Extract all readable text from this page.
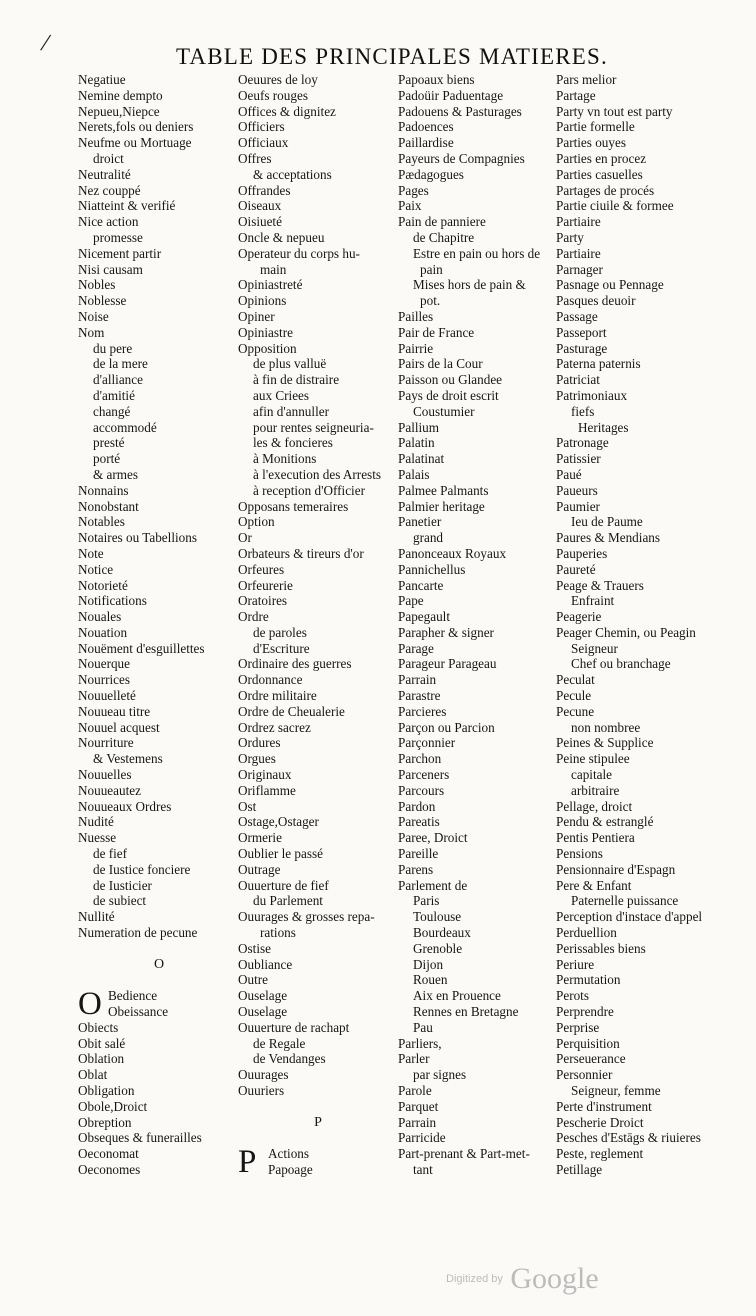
/	TABLE DES PRINCIPALES MATIERES.
Negatiue
Nemine dempto
Nepueu,Niepce
Nerets,fols ou deniers
Neufme ou Mortuage
droict
Neutralité
Nez couppé
Niatteint & verifié
Nice action
promesse
Nicement partir
Nisi causam
Nobles
Noblesse
Noise
Nom
du pere
de la mere
d'alliance
d'amitié
changé
accommodé
presté
porté
& armes
Nonnains
Nonobstant
Notables
Notaires ou Tabellions
Note
Notice
Notorieté
Notifications
Nouales
Nouation
Nouëment d'esguillettes
Nouerque
Nourrices
Nouuelleté
Nouueau titre
Nouuel acquest
Nourriture
& Vestemens
Nouuelles
Nouueautez
Nouueaux Ordres
Nudité
Nuesse
de fief
de Iustice fonciere
de Iusticier
de subiect
Nullité
Numeration de pecune
O
O Bedience
Obeissance
Obiects
Obit salé
Oblation
Oblat
Obligation
Obole,Droict
Obreption
Obseques & funerailles
Oeconomat
Oeconomes
Oeuures de loy
Oeufs rouges
Offices & dignitez
Officiers
Officiaux
Offres
& acceptations
Offrandes
Oiseaux
Oisiueté
Oncle & nepueu
Operateur du corps hu-
main
Opiniastreté
Opinions
Opiner
Opiniastre
Opposition
de plus valluë
à fin de distraire
aux Criees
afin d'annuller
pour rentes seigneuria-
les & foncieres
à Monitions
à l'execution des Arrests
à reception d'Officier
Opposans temeraires
Option
Or
Orbateurs & tireurs d'or
Orfeures
Orfeurerie
Oratoires
Ordre
de paroles
d'Escriture
Ordinaire des guerres
Ordonnance
Ordre militaire
Ordre de Cheualerie
Ordrez sacrez
Ordures
Orgues
Originaux
Oriflamme
Ost
Ostage,Ostager
Ormerie
Oublier le passé
Outrage
Ouuerture de fief
du Parlement
Ouurages & grosses repa-
rations
Ostise
Oubliance
Outre
Ouselage
Ouselage
Ouuerture de rachapt
de Regale
de Vendanges
Ouurages
Ouuriers
P
P Actions
Papoage
Papoaux biens
Padoüir Paduentage
Padouens & Pasturages
Padoences
Paillardise
Payeurs de Compagnies
Pædagogues
Pages
Paix
Pain de panniere
de Chapitre
Estre en pain ou hors de
pain
Mises hors de pain &
pot.
Pailles
Pair de France
Pairrie
Pairs de la Cour
Paisson ou Glandee
Pays de droit escrit
Coustumier
Pallium
Palatin
Palatinat
Palais
Palmee Palmants
Palmier heritage
Panetier
grand
Panonceaux Royaux
Pannichellus
Pancarte
Pape
Papegault
Parapher & signer
Parage
Parageur Parageau
Parrain
Parastre
Parcieres
Parçon ou Parcion
Parçonnier
Parchon
Parceners
Parcours
Pardon
Pareatis
Paree, Droict
Pareille
Parens
Parlement de
Paris
Toulouse
Bourdeaux
Grenoble
Dijon
Rouen
Aix en Prouence
Rennes en Bretagne
Pau
Parliers,
Parler
par signes
Parole
Parquet
Parrain
Parricide
Part-prenant & Part-met-
tant
Pars melior
Partage
Party vn tout est party
Partie formelle
Parties ouyes
Parties en procez
Parties casuelles
Partages de procés
Partie ciuile & formee
Partiaire
Party
Partiaire
Parnager
Pasnage ou Pennage
Pasques deuoir
Passage
Passeport
Pasturage
Paterna paternis
Patriciat
Patrimoniaux
fiefs
Heritages
Patronage
Patissier
Paué
Paueurs
Paumier
Ieu de Paume
Paures & Mendians
Pauperies
Paureté
Peage & Trauers
Enfraint
Peagerie
Peager Chemin, ou Peagin
Seigneur
Chef ou branchage
Peculat
Pecule
Pecune
non nombree
Peines & Supplice
Peine stipulee
capitale
arbitraire
Pellage, droict
Pendu & estranglé
Pentis Pentiera
Pensions
Pensionnaire d'Espagn
Pere & Enfant
Paternelle puissance
Perception d'instace d'appel
Perduellion
Perissables biens
Periure
Permutation
Perots
Perprendre
Perprise
Perquisition
Perseuerance
Personnier
Seigneur, femme
Perte d'instrument
Pescherie Droict
Pesches d'Estāgs & riuieres
Peste, reglement
Petillage
Digitized by Google
